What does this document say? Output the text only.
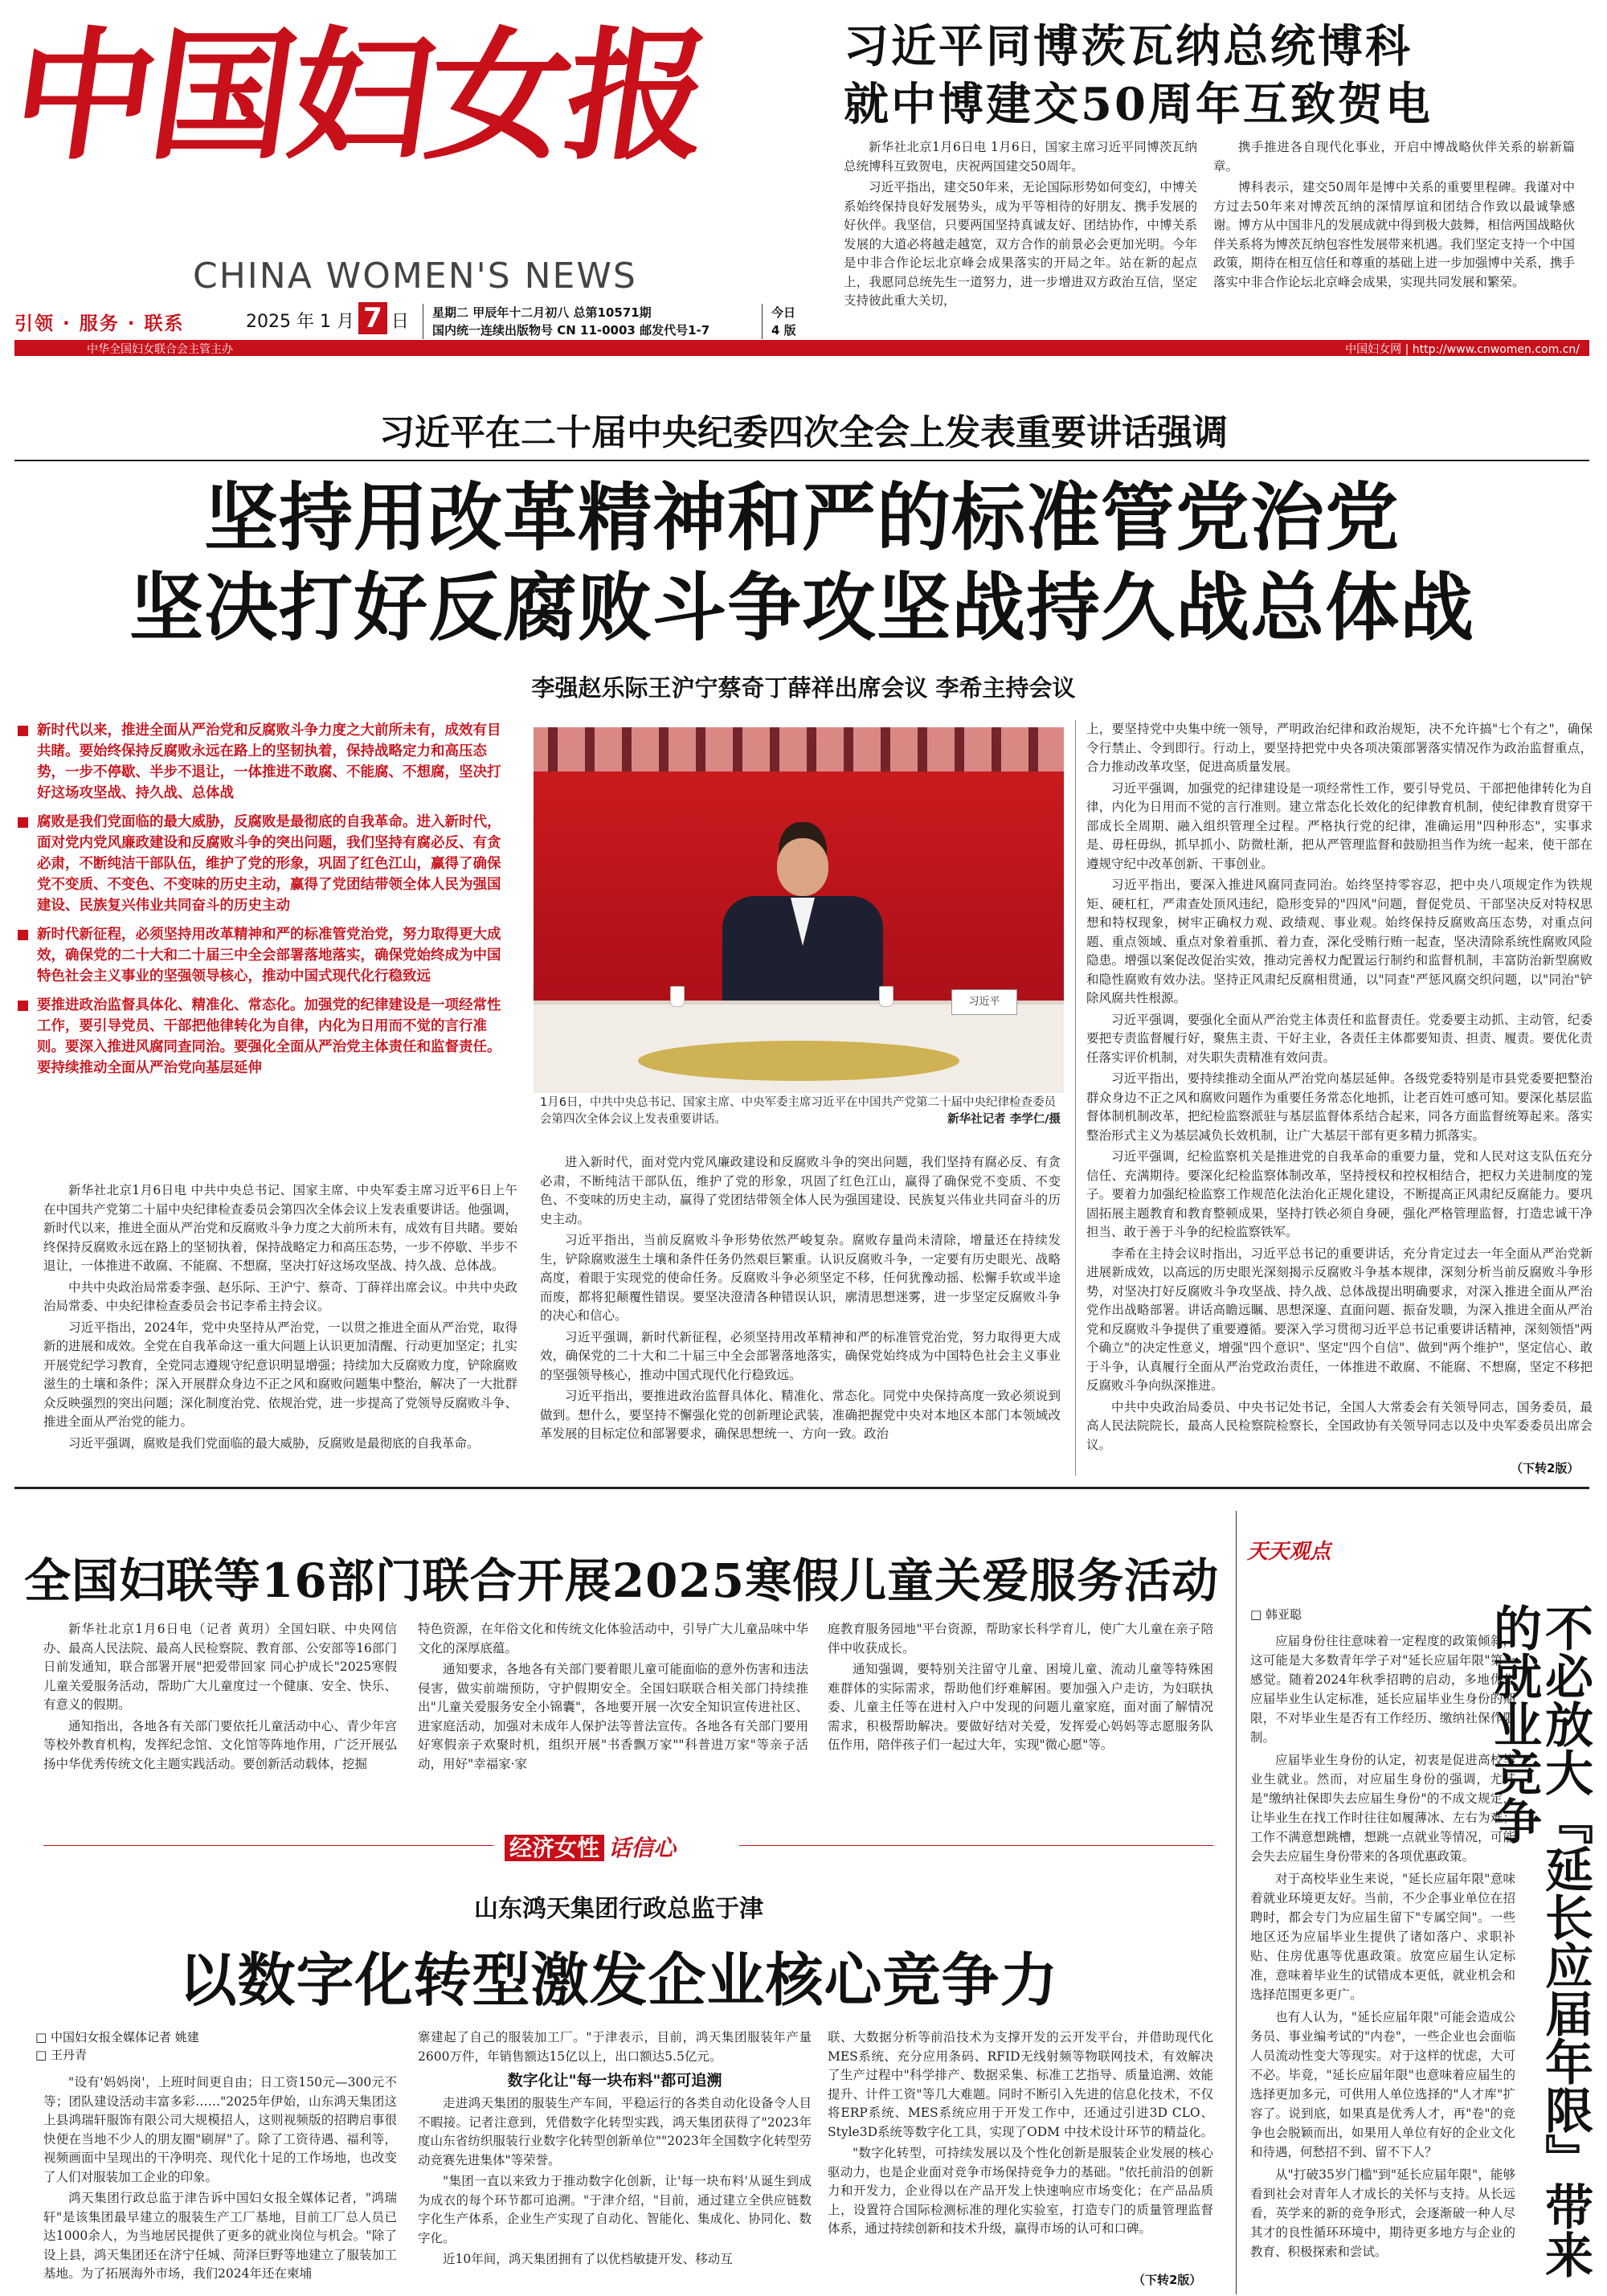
中国妇女报
CHINA WOMEN'S NEWS
引领 · 服务 · 联系	2025 年 1 月 7 日 星期二 甲辰年十二月初八 总第10571期
国内统一连续出版物号 CN 11-0003 邮发代号1-7
今日
4 版
中华全国妇女联合会主管主办	中国妇女网 | http://www.cnwomen.com.cn/
习近平同博茨瓦纳总统博科
就中博建交50周年互致贺电

新华社北京1月6日电 1月6日，国家主席习近平同博茨瓦纳总统博科互致贺电，庆祝两国建交50周年。

习近平指出，建交50年来，无论国际形势如何变幻，中博关系始终保持良好发展势头，成为平等相待的好朋友、携手发展的好伙伴。我坚信，只要两国坚持真诚友好、团结协作，中博关系发展的大道必将越走越宽，双方合作的前景必会更加光明。今年是中非合作论坛北京峰会成果落实的开局之年。站在新的起点上，我愿同总统先生一道努力，进一步增进双方政治互信，坚定支持彼此重大关切，

携手推进各自现代化事业，开启中博战略伙伴关系的崭新篇章。

博科表示，建交50周年是博中关系的重要里程碑。我谨对中方过去50年来对博茨瓦纳的深情厚谊和团结合作致以最诚挚感谢。博方从中国非凡的发展成就中得到极大鼓舞，相信两国战略伙伴关系将为博茨瓦纳包容性发展带来机遇。我们坚定支持一个中国政策，期待在相互信任和尊重的基础上进一步加强博中关系，携手落实中非合作论坛北京峰会成果，实现共同发展和繁荣。

习近平在二十届中央纪委四次全会上发表重要讲话强调
坚持用改革精神和严的标准管党治党
坚决打好反腐败斗争攻坚战持久战总体战
李强赵乐际王沪宁蔡奇丁薛祥出席会议 李希主持会议
新时代以来，推进全面从严治党和反腐败斗争力度之大前所未有，成效有目共睹。要始终保持反腐败永远在路上的坚韧执着，保持战略定力和高压态势，一步不停歇、半步不退让，一体推进不敢腐、不能腐、不想腐，坚决打好这场攻坚战、持久战、总体战
腐败是我们党面临的最大威胁，反腐败是最彻底的自我革命。进入新时代，面对党内党风廉政建设和反腐败斗争的突出问题，我们坚持有腐必反、有贪必肃，不断纯洁干部队伍，维护了党的形象，巩固了红色江山，赢得了确保党不变质、不变色、不变味的历史主动，赢得了党团结带领全体人民为强国建设、民族复兴伟业共同奋斗的历史主动
新时代新征程，必须坚持用改革精神和严的标准管党治党，努力取得更大成效，确保党的二十大和二十届三中全会部署落地落实，确保党始终成为中国特色社会主义事业的坚强领导核心，推动中国式现代化行稳致远
要推进政治监督具体化、精准化、常态化。加强党的纪律建设是一项经常性工作，要引导党员、干部把他律转化为自律，内化为日用而不觉的言行准则。要深入推进风腐同查同治。要强化全面从严治党主体责任和监督责任。要持续推动全面从严治党向基层延伸
习近平
1月6日，中共中央总书记、国家主席、中央军委主席习近平在中国共产党第二十届中央纪律检查委员会第四次全体会议上发表重要讲话。	新华社记者 李学仁/摄

新华社北京1月6日电 中共中央总书记、国家主席、中央军委主席习近平6日上午在中国共产党第二十届中央纪律检查委员会第四次全体会议上发表重要讲话。他强调，新时代以来，推进全面从严治党和反腐败斗争力度之大前所未有，成效有目共睹。要始终保持反腐败永远在路上的坚韧执着，保持战略定力和高压态势，一步不停歇、半步不退让，一体推进不敢腐、不能腐、不想腐，坚决打好这场攻坚战、持久战、总体战。

中共中央政治局常委李强、赵乐际、王沪宁、蔡奇、丁薛祥出席会议。中共中央政治局常委、中央纪律检查委员会书记李希主持会议。

习近平指出，2024年，党中央坚持从严治党，一以贯之推进全面从严治党，取得新的进展和成效。全党在自我革命这一重大问题上认识更加清醒、行动更加坚定；扎实开展党纪学习教育，全党同志遵规守纪意识明显增强；持续加大反腐败力度，铲除腐败滋生的土壤和条件；深入开展群众身边不正之风和腐败问题集中整治，解决了一大批群众反映强烈的突出问题；深化制度治党、依规治党，进一步提高了党领导反腐败斗争、推进全面从严治党的能力。

习近平强调，腐败是我们党面临的最大威胁，反腐败是最彻底的自我革命。

进入新时代，面对党内党风廉政建设和反腐败斗争的突出问题，我们坚持有腐必反、有贪必肃，不断纯洁干部队伍，维护了党的形象，巩固了红色江山，赢得了确保党不变质、不变色、不变味的历史主动，赢得了党团结带领全体人民为强国建设、民族复兴伟业共同奋斗的历史主动。

习近平指出，当前反腐败斗争形势依然严峻复杂。腐败存量尚未清除，增量还在持续发生，铲除腐败滋生土壤和条件任务仍然艰巨繁重。认识反腐败斗争，一定要有历史眼光、战略高度，着眼于实现党的使命任务。反腐败斗争必须坚定不移，任何犹豫动摇、松懈手软或半途而废，都将犯颠覆性错误。要坚决澄清各种错误认识，廓清思想迷雾，进一步坚定反腐败斗争的决心和信心。

习近平强调，新时代新征程，必须坚持用改革精神和严的标准管党治党，努力取得更大成效，确保党的二十大和二十届三中全会部署落地落实，确保党始终成为中国特色社会主义事业的坚强领导核心，推动中国式现代化行稳致远。

习近平指出，要推进政治监督具体化、精准化、常态化。同党中央保持高度一致必须说到做到。想什么，要坚持不懈强化党的创新理论武装，准确把握党中央对本地区本部门本领域改革发展的目标定位和部署要求，确保思想统一、方向一致。政治

上，要坚持党中央集中统一领导，严明政治纪律和政治规矩，决不允许搞"七个有之"，确保令行禁止、令到即行。行动上，要坚持把党中央各项决策部署落实情况作为政治监督重点，合力推动改革攻坚，促进高质量发展。

习近平强调，加强党的纪律建设是一项经常性工作，要引导党员、干部把他律转化为自律，内化为日用而不觉的言行准则。建立常态化长效化的纪律教育机制，使纪律教育贯穿干部成长全周期、融入组织管理全过程。严格执行党的纪律，准确运用"四种形态"，实事求是、毋枉毋纵，抓早抓小、防微杜渐，把从严管理监督和鼓励担当作为统一起来，使干部在遵规守纪中改革创新、干事创业。

习近平指出，要深入推进风腐同查同治。始终坚持零容忍，把中央八项规定作为铁规矩、硬杠杠，严肃查处顶风违纪，隐形变异的"四风"问题，督促党员、干部坚决反对特权思想和特权现象，树牢正确权力观、政绩观、事业观。始终保持反腐败高压态势，对重点问题、重点领域、重点对象着重抓、着力查，深化受贿行贿一起查，坚决清除系统性腐败风险隐患。增强以案促改促治实效，推动完善权力配置运行制约和监督机制，丰富防治新型腐败和隐性腐败有效办法。坚持正风肃纪反腐相贯通，以"同查"严惩风腐交织问题，以"同治"铲除风腐共性根源。

习近平强调，要强化全面从严治党主体责任和监督责任。党委要主动抓、主动管，纪委要把专责监督履行好，聚焦主责、干好主业，各责任主体都要知责、担责、履责。要优化责任落实评价机制，对失职失责精准有效问责。

习近平指出，要持续推动全面从严治党向基层延伸。各级党委特别是市县党委要把整治群众身边不正之风和腐败问题作为重要任务常态化地抓，让老百姓可感可知。要深化基层监督体制机制改革，把纪检监察派驻与基层监督体系结合起来，同各方面监督统筹起来。落实整治形式主义为基层减负长效机制，让广大基层干部有更多精力抓落实。

习近平强调，纪检监察机关是推进党的自我革命的重要力量，党和人民对这支队伍充分信任、充满期待。要深化纪检监察体制改革，坚持授权和控权相结合，把权力关进制度的笼子。要着力加强纪检监察工作规范化法治化正规化建设，不断提高正风肃纪反腐能力。要巩固拓展主题教育和教育整顿成果，坚持打铁必须自身硬，强化严格管理监督，打造忠诚干净担当、敢于善于斗争的纪检监察铁军。

李希在主持会议时指出，习近平总书记的重要讲话，充分肯定过去一年全面从严治党新进展新成效，以高远的历史眼光深刻揭示反腐败斗争基本规律，深刻分析当前反腐败斗争形势，对坚决打好反腐败斗争攻坚战、持久战、总体战提出明确要求，对深入推进全面从严治党作出战略部署。讲话高瞻远瞩、思想深邃、直面问题、振奋发聩，为深入推进全面从严治党和反腐败斗争提供了重要遵循。要深入学习贯彻习近平总书记重要讲话精神，深刻领悟"两个确立"的决定性意义，增强"四个意识"、坚定"四个自信"、做到"两个维护"，坚定信心、敢于斗争，认真履行全面从严治党政治责任，一体推进不敢腐、不能腐、不想腐，坚定不移把反腐败斗争向纵深推进。

中共中央政治局委员、中央书记处书记，全国人大常委会有关领导同志，国务委员，最高人民法院院长，最高人民检察院检察长，全国政协有关领导同志以及中央军委委员出席会议。

（下转2版）
全国妇联等16部门联合开展2025寒假儿童关爱服务活动

新华社北京1月6日电（记者 黄玥）全国妇联、中央网信办、最高人民法院、最高人民检察院、教育部、公安部等16部门日前发通知，联合部署开展"把爱带回家 同心护成长"2025寒假儿童关爱服务活动，帮助广大儿童度过一个健康、安全、快乐、有意义的假期。

通知指出，各地各有关部门要依托儿童活动中心、青少年宫等校外教育机构，发挥纪念馆、文化馆等阵地作用，广泛开展弘扬中华优秀传统文化主题实践活动。要创新活动载体，挖掘

特色资源，在年俗文化和传统文化体验活动中，引导广大儿童品味中华文化的深厚底蕴。

通知要求，各地各有关部门要着眼儿童可能面临的意外伤害和违法侵害，做实前端预防，守护假期安全。全国妇联联合相关部门持续推出"儿童关爱服务安全小锦囊"，各地要开展一次安全知识宣传进社区、进家庭活动，加强对未成年人保护法等普法宣传。各地各有关部门要用好寒假亲子欢聚时机，组织开展"书香飘万家""科普进万家"等亲子活动，用好"幸福家·家

庭教育服务园地"平台资源，帮助家长科学育儿，使广大儿童在亲子陪伴中收获成长。

通知强调，要特别关注留守儿童、困境儿童、流动儿童等特殊困难群体的实际需求，帮助他们纾难解困。要加强入户走访，为妇联执委、儿童主任等在进村入户中发现的问题儿童家庭，面对面了解情况需求，积极帮助解决。要做好结对关爱，发挥爱心妈妈等志愿服务队伍作用，陪伴孩子们一起过大年，实现"微心愿"等。

经济女性 话信心
山东鸿天集团行政总监于津
以数字化转型激发企业核心竞争力
□ 中国妇女报全媒体记者 姚建
□ 王丹青

"设有'妈妈岗'，上班时间更自由；日工资150元—300元不等；团队建设活动丰富多彩……"2025年伊始，山东鸿天集团这上县鸿瑞轩服饰有限公司大规模招人，这则视频版的招聘启事很快便在当地不少人的朋友圈"刷屏"了。除了工资待遇、福利等，视频画面中呈现出的干净明亮、现代化十足的工作场地，也改变了人们对服装加工企业的印象。

鸿天集团行政总监于津告诉中国妇女报全媒体记者，"鸿瑞轩"是该集团最早建立的服装生产工厂基地，目前工厂总人员已达1000余人，为当地居民提供了更多的就业岗位与机会。"除了设上县，鸿天集团还在济宁任城、菏泽巨野等地建立了服装加工基地。为了拓展海外市场，我们2024年还在柬埔

寨建起了自己的服装加工厂。"于津表示，目前，鸿天集团服装年产量2600万件，年销售额达15亿以上，出口额达5.5亿元。

数字化让"每一块布料"都可追溯

走进鸿天集团的服装生产车间，平稳运行的各类自动化设备令人目不暇接。记者注意到，凭借数字化转型实践，鸿天集团获得了"2023年度山东省纺织服装行业数字化转型创新单位""2023年全国数字化转型劳动竞赛先进集体"等荣誉。

"集团一直以来致力于推动数字化创新，让'每一块布料'从诞生到成为成衣的每个环节都可追溯。"于津介绍，"目前，通过建立全供应链数字化生产体系，企业生产实现了自动化、智能化、集成化、协同化、数字化。

近10年间，鸿天集团拥有了以优档敏捷开发、移动互

联、大数据分析等前沿技术为支撑开发的云开发平台，并借助现代化MES系统、充分应用条码、RFID无线射频等物联网技术，有效解决了生产过程中"科学排产、数据采集、标准工艺指导、质量追溯、效能提升、计件工资"等几大难题。同时不断引入先进的信息化技术，不仅将ERP系统、MES系统应用于开发工作中，还通过引进3D CLO、Style3D系统等数字化工具，实现了ODM 中技术设计环节的精益化。

"数字化转型，可持续发展以及个性化创新是服装企业发展的核心驱动力，也是企业面对竞争市场保持竞争力的基础。"依托前沿的创新力和开发力，企业得以在产品开发上快速响应市场变化；在产品品质上，设置符合国际检测标准的理化实验室，打造专门的质量管理监督体系，通过持续创新和技术升级，赢得市场的认可和口碑。

（下转2版）
天天观点
□ 韩亚聪

应届身份往往意味着一定程度的政策倾斜，这可能是大多数青年学子对"延长应届年限"第一感觉。随着2024年秋季招聘的启动，多地优化应届毕业生认定标准，延长应届毕业生身份的期限，不对毕业生是否有工作经历、缴纳社保作限制。

应届毕业生身份的认定，初衷是促进高校毕业生就业。然而，对应届生身份的强调，尤其是"缴纳社保即失去应届生身份"的不成文规定，让毕业生在找工作时往往如履薄冰、左右为难；工作不满意想跳槽，想跳一点就业等情况，可能会失去应届生身份带来的各项优惠政策。

对于高校毕业生来说，"延长应届年限"意味着就业环境更友好。当前，不少企事业单位在招聘时，都会专门为应届生留下"专属空间"。一些地区还为应届毕业生提供了诸如落户、求职补贴、住房优惠等优惠政策。放宽应届生认定标准，意味着毕业生的试错成本更低，就业机会和选择范围更多更广。

也有人认为，"延长应届年限"可能会造成公务员、事业编考试的"内卷"，一些企业也会面临人员流动性变大等现实。对于这样的忧虑，大可不必。毕竟，"延长应届年限"也意味着应届生的选择更加多元，可供用人单位选择的"人才库"扩容了。说到底，如果真是优秀人才，再"卷"的竞争也会脱颖而出，如果用人单位有好的企业文化和待遇，何愁招不到、留不下人？

从"打破35岁门槛"到"延长应届年限"，能够看到社会对青年人才成长的关怀与支持。从长远看，英学来的新的竞争形式，会逐渐破一种人尽其才的良性循环环境中，期待更多地方与企业的教育、积极探索和尝试。

不必放大『延长应届年限』带来的就业竞争
